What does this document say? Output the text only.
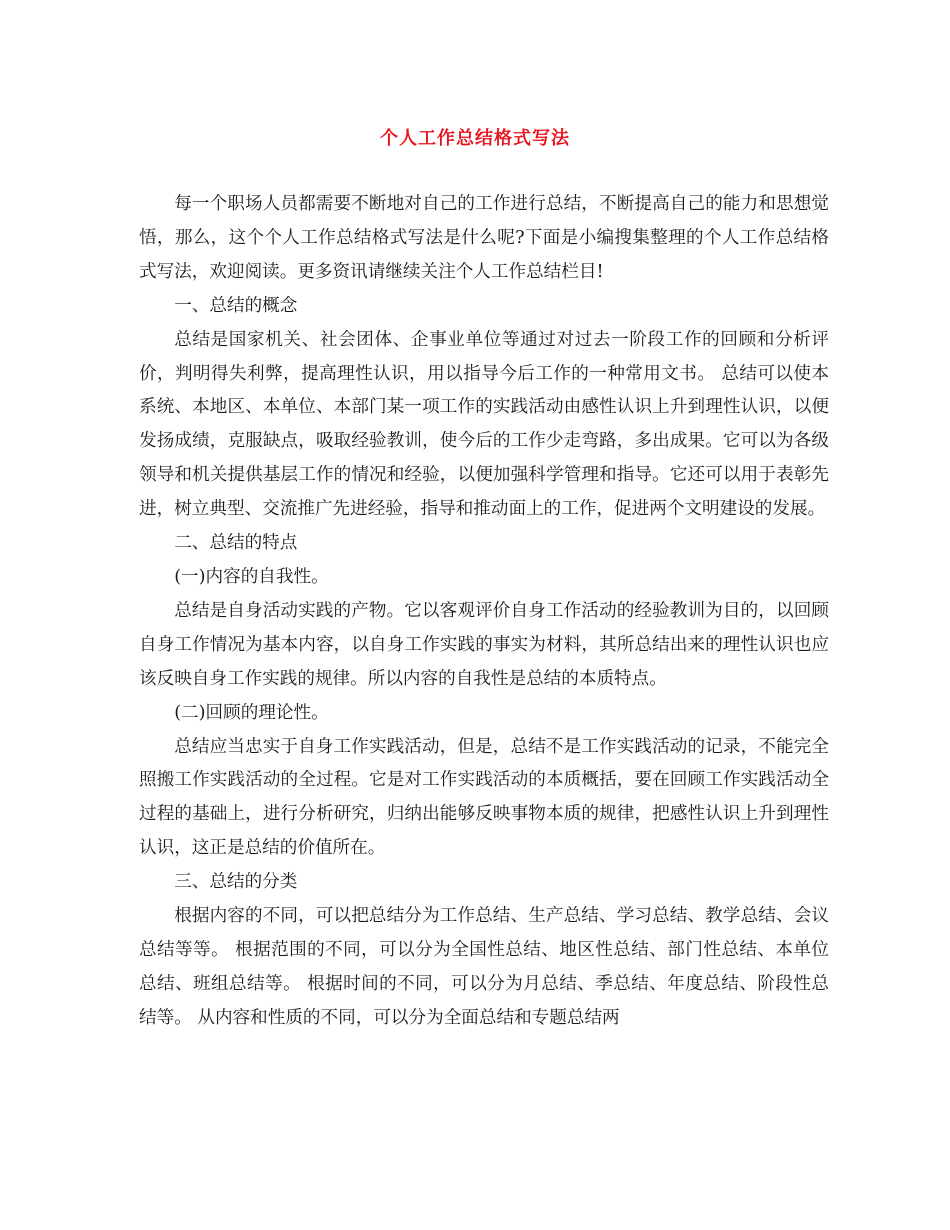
个人工作总结格式写法

每一个职场人员都需要不断地对自己的工作进行总结，不断提高自己的能力和思想觉悟，那么，这个个人工作总结格式写法是什么呢?下面是小编搜集整理的个人工作总结格式写法，欢迎阅读。更多资讯请继续关注个人工作总结栏目!

一、总结的概念

总结是国家机关、社会团体、企事业单位等通过对过去一阶段工作的回顾和分析评价，判明得失利弊，提高理性认识，用以指导今后工作的一种常用文书。 总结可以使本系统、本地区、本单位、本部门某一项工作的实践活动由感性认识上升到理性认识，以便发扬成绩，克服缺点，吸取经验教训，使今后的工作少走弯路，多出成果。它可以为各级领导和机关提供基层工作的情况和经验，以便加强科学管理和指导。它还可以用于表彰先进，树立典型、交流推广先进经验，指导和推动面上的工作，促进两个文明建设的发展。

二、总结的特点

(一)内容的自我性。

总结是自身活动实践的产物。它以客观评价自身工作活动的经验教训为目的，以回顾自身工作情况为基本内容，以自身工作实践的事实为材料，其所总结出来的理性认识也应该反映自身工作实践的规律。所以内容的自我性是总结的本质特点。

(二)回顾的理论性。

总结应当忠实于自身工作实践活动，但是，总结不是工作实践活动的记录，不能完全照搬工作实践活动的全过程。它是对工作实践活动的本质概括，要在回顾工作实践活动全过程的基础上，进行分析研究，归纳出能够反映事物本质的规律，把感性认识上升到理性认识，这正是总结的价值所在。

三、总结的分类

根据内容的不同，可以把总结分为工作总结、生产总结、学习总结、教学总结、会议总结等等。 根据范围的不同，可以分为全国性总结、地区性总结、部门性总结、本单位总结、班组总结等。 根据时间的不同，可以分为月总结、季总结、年度总结、阶段性总结等。 从内容和性质的不同，可以分为全面总结和专题总结两
